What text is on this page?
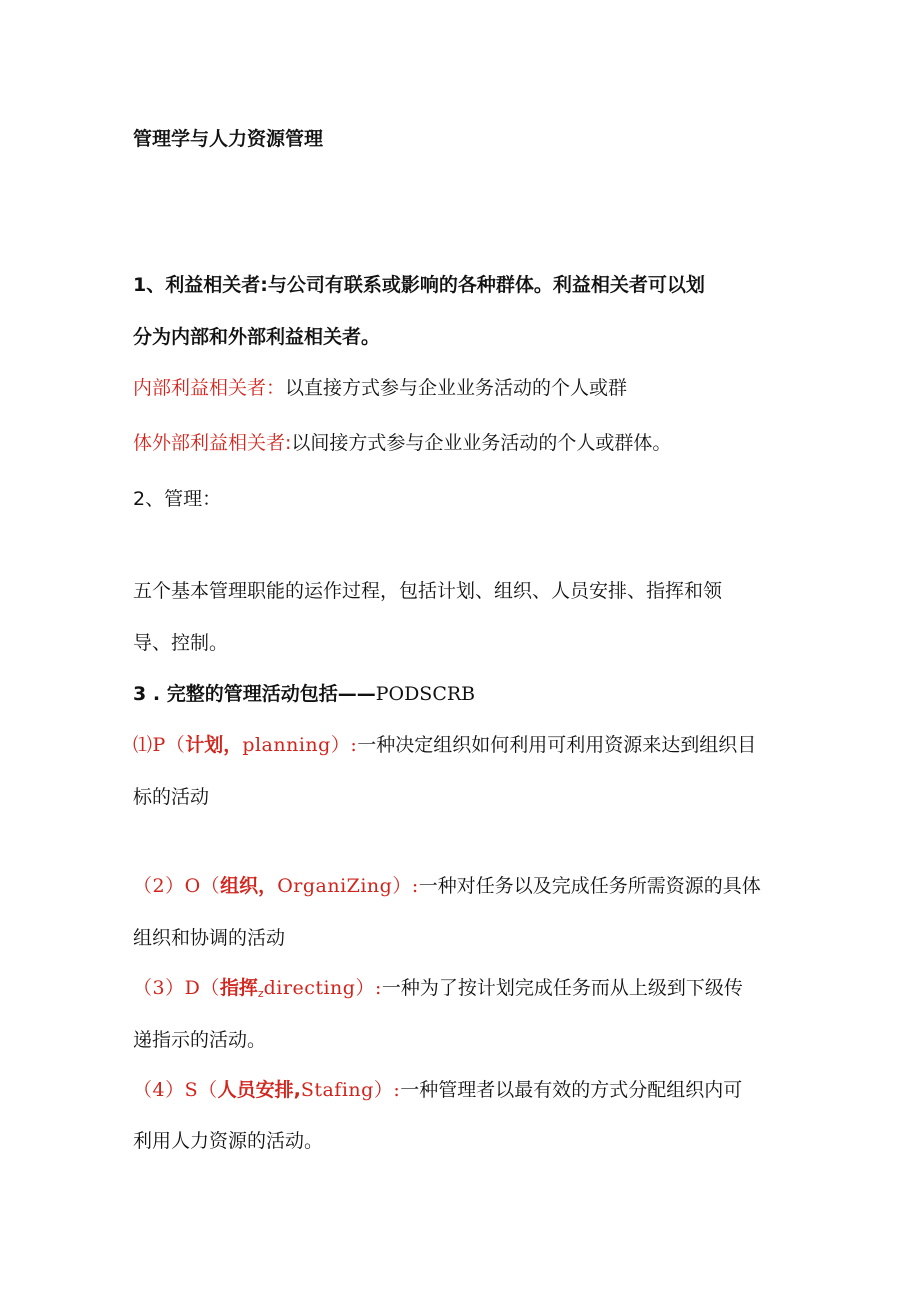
管理学与人力资源管理
1、利益相关者:与公司有联系或影响的各种群体。利益相关者可以划
分为内部和外部利益相关者。
内部利益相关者：以直接方式参与企业业务活动的个人或群
体外部利益相关者:以间接方式参与企业业务活动的个人或群体。
2、管理：
五个基本管理职能的运作过程，包括计划、组织、人员安排、指挥和领
导、控制。
3 . 完整的管理活动包括——PODSCRB
⑴P（计划，planning）:一种决定组织如何利用可利用资源来达到组织目
标的活动
（2）O（组织，OrganiZing）:一种对任务以及完成任务所需资源的具体
组织和协调的活动
（3）D（指挥$_z$directing）:一种为了按计划完成任务而从上级到下级传
递指示的活动。
（4）S（人员安排,Stafing）:一种管理者以最有效的方式分配组织内可
利用人力资源的活动。
